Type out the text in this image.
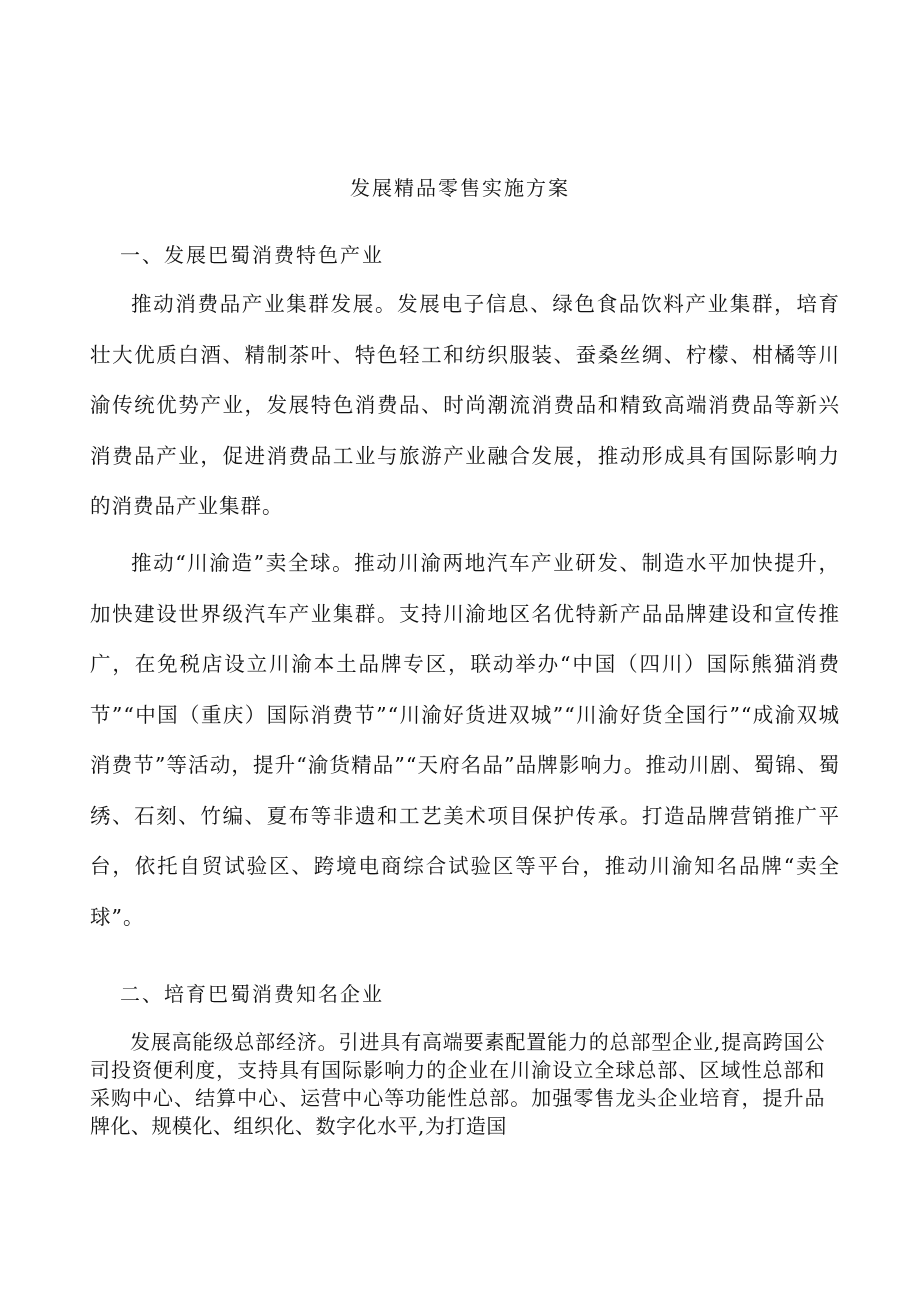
发展精品零售实施方案
一、发展巴蜀消费特色产业

推动消费品产业集群发展。发展电子信息、绿色食品饮料产业集群，培育壮大优质白酒、精制茶叶、特色轻工和纺织服装、蚕桑丝绸、柠檬、柑橘等川渝传统优势产业，发展特色消费品、时尚潮流消费品和精致高端消费品等新兴消费品产业，促进消费品工业与旅游产业融合发展，推动形成具有国际影响力的消费品产业集群。

推动“川渝造”卖全球。推动川渝两地汽车产业研发、制造水平加快提升，加快建设世界级汽车产业集群。支持川渝地区名优特新产品品牌建设和宣传推广，在免税店设立川渝本土品牌专区，联动举办“中国（四川）国际熊猫消费节”“中国（重庆）国际消费节”“川渝好货进双城”“川渝好货全国行”“成渝双城消费节”等活动，提升“渝货精品”“天府名品”品牌影响力。推动川剧、蜀锦、蜀绣、石刻、竹编、夏布等非遗和工艺美术项目保护传承。打造品牌营销推广平台，依托自贸试验区、跨境电商综合试验区等平台，推动川渝知名品牌“卖全球”。

二、培育巴蜀消费知名企业

发展高能级总部经济。引进具有高端要素配置能力的总部型企业,提高跨国公司投资便利度，支持具有国际影响力的企业在川渝设立全球总部、区域性总部和采购中心、结算中心、运营中心等功能性总部。加强零售龙头企业培育，提升品牌化、规模化、组织化、数字化水平,为打造国
